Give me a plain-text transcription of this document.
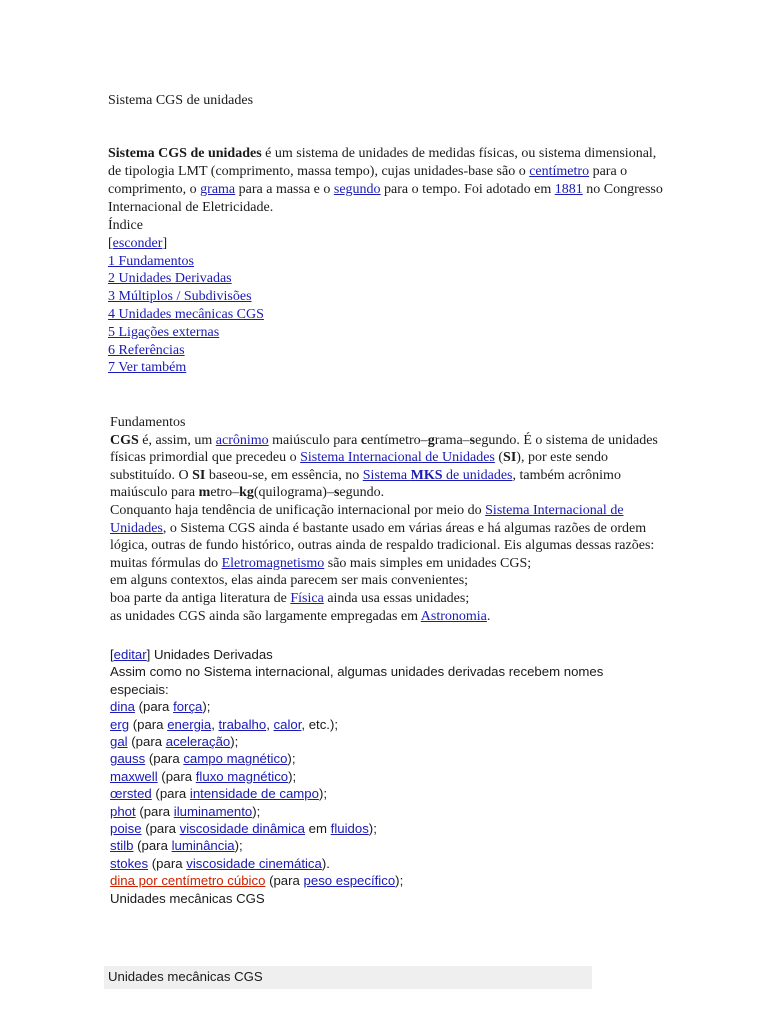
Sistema CGS de unidades
Sistema CGS de unidades é um sistema de unidades de medidas físicas, ou sistema dimensional, de tipologia LMT (comprimento, massa tempo), cujas unidades-base são o centímetro para o comprimento, o grama para a massa e o segundo para o tempo. Foi adotado em 1881 no Congresso Internacional de Eletricidade.
Índice
[esconder]
1 Fundamentos
2 Unidades Derivadas
3 Múltiplos / Subdivisões
4 Unidades mecânicas CGS
5 Ligações externas
6 Referências
7 Ver também
Fundamentos
CGS é, assim, um acrônimo maiúsculo para centímetro–grama–segundo. É o sistema de unidades físicas primordial que precedeu o Sistema Internacional de Unidades (SI), por este sendo substituído. O SI baseou-se, em essência, no Sistema MKS de unidades, também acrônimo maiúsculo para metro–kg(quilograma)–segundo.
Conquanto haja tendência de unificação internacional por meio do Sistema Internacional de Unidades, o Sistema CGS ainda é bastante usado em várias áreas e há algumas razões de ordem lógica, outras de fundo histórico, outras ainda de respaldo tradicional. Eis algumas dessas razões:
muitas fórmulas do Eletromagnetismo são mais simples em unidades CGS;
em alguns contextos, elas ainda parecem ser mais convenientes;
boa parte da antiga literatura de Física ainda usa essas unidades;
as unidades CGS ainda são largamente empregadas em Astronomia.
[editar] Unidades Derivadas
Assim como no Sistema internacional, algumas unidades derivadas recebem nomes especiais:
dina (para força);
erg (para energia, trabalho, calor, etc.);
gal (para aceleração);
gauss (para campo magnético);
maxwell (para fluxo magnético);
œrsted (para intensidade de campo);
phot (para iluminamento);
poise (para viscosidade dinâmica em fluidos);
stilb (para luminância);
stokes (para viscosidade cinemática).
dina por centímetro cúbico (para peso específico);
Unidades mecânicas CGS
Unidades mecânicas CGS
